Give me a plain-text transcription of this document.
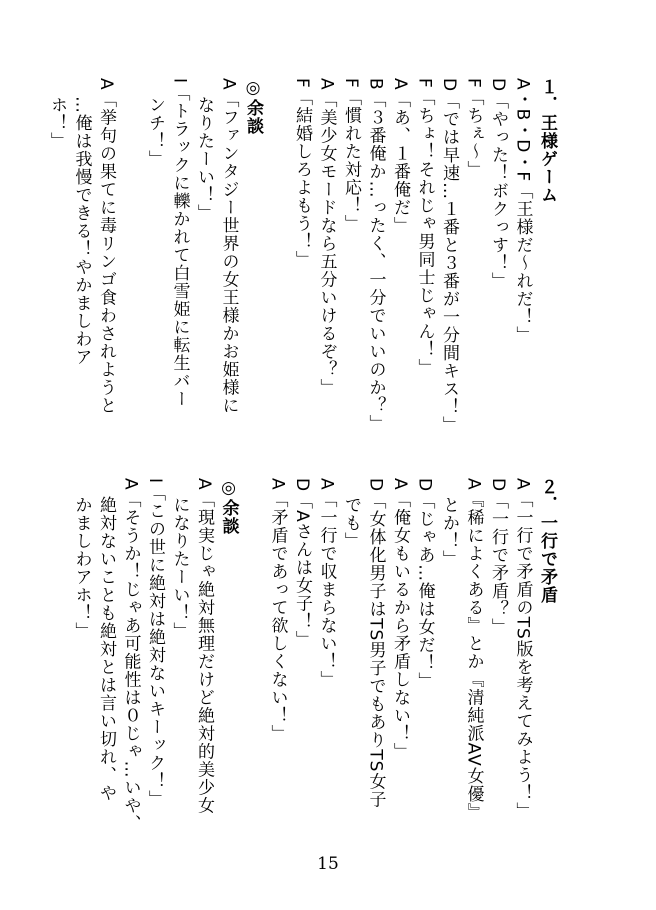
１．王様ゲーム
A・B・D・F「王様だ～れだ！」
D「やった！ボクっす！」
F「ちぇ～」
D「では早速…１番と３番が一分間キス！」
F「ちょ！それじゃ男同士じゃん！」
A「あ、１番俺だ」
B「３番俺か…ったく、一分でいいのか？」
F「慣れた対応！」
A「美少女モードなら五分いけるぞ？」
F「結婚しろよもう！」

◎余談
A「ファンタジー世界の女王様かお姫様に
　なりたーい！」
I「トラックに轢かれて白雪姫に転生バー
　ンチ！」

A「挙句の果てに毒リンゴ食わされようと
　…俺は我慢できる！やかましわア
　ホ！」
２．一行で矛盾
A「一行で矛盾のTS版を考えてみよう！」
D「一行で矛盾？」
A『稀によくある』とか『清純派AV女優』
　とか！」
D「じゃあ…俺は女だ！」
A「俺女もいるから矛盾しない！」
D「女体化男子はTS男子でもありTS女子
　でも」
A「一行で収まらない！」
D「Aさんは女子！」
A「矛盾であって欲しくない！」

◎余談
A「現実じゃ絶対無理だけど絶対的美少女
　になりたーい！」
I「この世に絶対は絶対ないキーック！」
A「そうか！じゃあ可能性は０じゃ…いや、
　絶対ないことも絶対とは言い切れ、や
　かましわアホ！」
15
